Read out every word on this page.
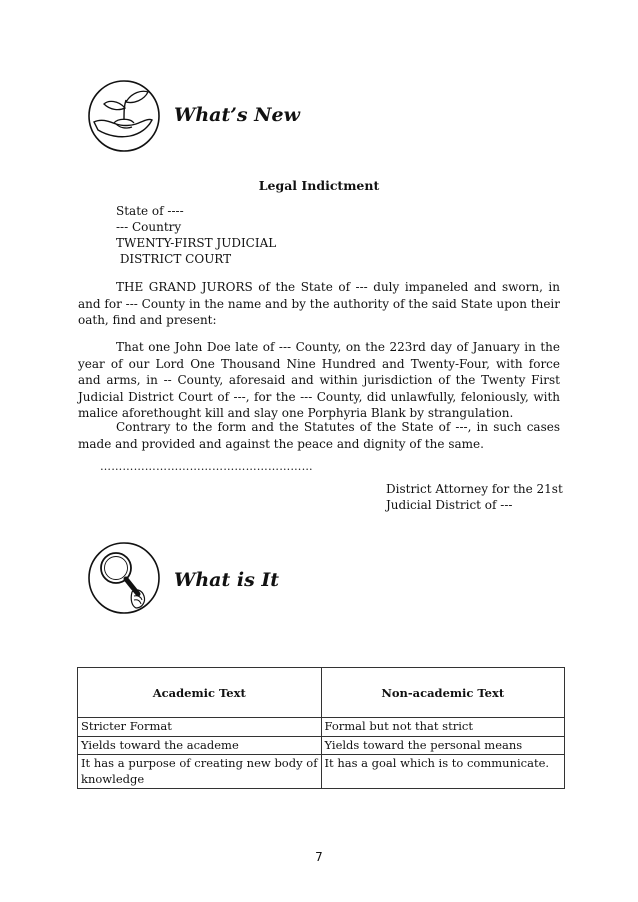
What’s New
Legal Indictment
State of ----
--- Country
TWENTY-FIRST JUDICIAL
DISTRICT COURT

THE GRAND JURORS of the State of --- duly impaneled and sworn, in and for --- County in the name and by the authority of the said State upon their oath, find and present:

That one John Doe late of --- County, on the 223rd day of January in the year of our Lord One Thousand Nine Hundred and Twenty-Four, with force and arms, in -- County, aforesaid and within jurisdiction of the Twenty First Judicial District Court of ---, for the --- County, did unlawfully, feloniously, with malice aforethought kill and slay one Porphyria Blank by strangulation.

Contrary to the form and the Statutes of the State of ---, in such cases made and provided and against the peace and dignity of the same.

…………………………………………………
District Attorney for the 21st
Judicial District of ---
What is It
Academic Text	Non-academic Text
Stricter Format	Formal but not that strict
Yields toward the academe	Yields toward the personal means
It has a purpose of creating new body of knowledge	It has a goal which is to communicate.
7
